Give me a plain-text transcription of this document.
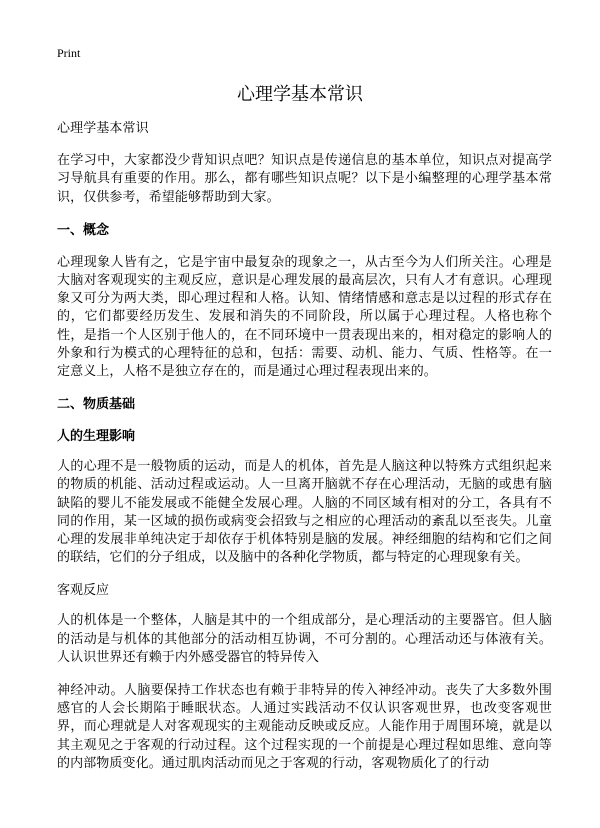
Print
心理学基本常识

心理学基本常识

在学习中，大家都没少背知识点吧？知识点是传递信息的基本单位，知识点对提高学习导航具有重要的作用。那么，都有哪些知识点呢？以下是小编整理的心理学基本常识，仅供参考，希望能够帮助到大家。

一、概念

心理现象人皆有之，它是宇宙中最复杂的现象之一，从古至今为人们所关注。心理是大脑对客观现实的主观反应，意识是心理发展的最高层次，只有人才有意识。心理现象又可分为两大类，即心理过程和人格。认知、情绪情感和意志是以过程的形式存在的，它们都要经历发生、发展和消失的不同阶段，所以属于心理过程。人格也称个性，是指一个人区别于他人的，在不同环境中一贯表现出来的，相对稳定的影响人的外象和行为模式的心理特征的总和，包括：需要、动机、能力、气质、性格等。在一定意义上，人格不是独立存在的，而是通过心理过程表现出来的。

二、物质基础
人的生理影响

人的心理不是一般物质的运动，而是人的机体，首先是人脑这种以特殊方式组织起来的物质的机能、活动过程或运动。人一旦离开脑就不存在心理活动，无脑的或患有脑缺陷的婴儿不能发展或不能健全发展心理。人脑的不同区域有相对的分工，各具有不同的作用，某一区域的损伤或病变会招致与之相应的心理活动的紊乱以至丧失。儿童心理的发展非单纯决定于却依存于机体特别是脑的发展。神经细胞的结构和它们之间的联结，它们的分子组成，以及脑中的各种化学物质，都与特定的心理现象有关。

客观反应

人的机体是一个整体，人脑是其中的一个组成部分，是心理活动的主要器官。但人脑的活动是与机体的其他部分的活动相互协调，不可分割的。心理活动还与体液有关。人认识世界还有赖于内外感受器官的特异传入

神经冲动。人脑要保持工作状态也有赖于非特异的传入神经冲动。丧失了大多数外围感官的人会长期陷于睡眠状态。人通过实践活动不仅认识客观世界，也改变客观世界，而心理就是人对客观现实的主观能动反映或反应。人能作用于周围环境，就是以其主观见之于客观的行动过程。这个过程实现的一个前提是心理过程如思维、意向等的内部物质变化。通过肌肉活动而见之于客观的行动，客观物质化了的行动
